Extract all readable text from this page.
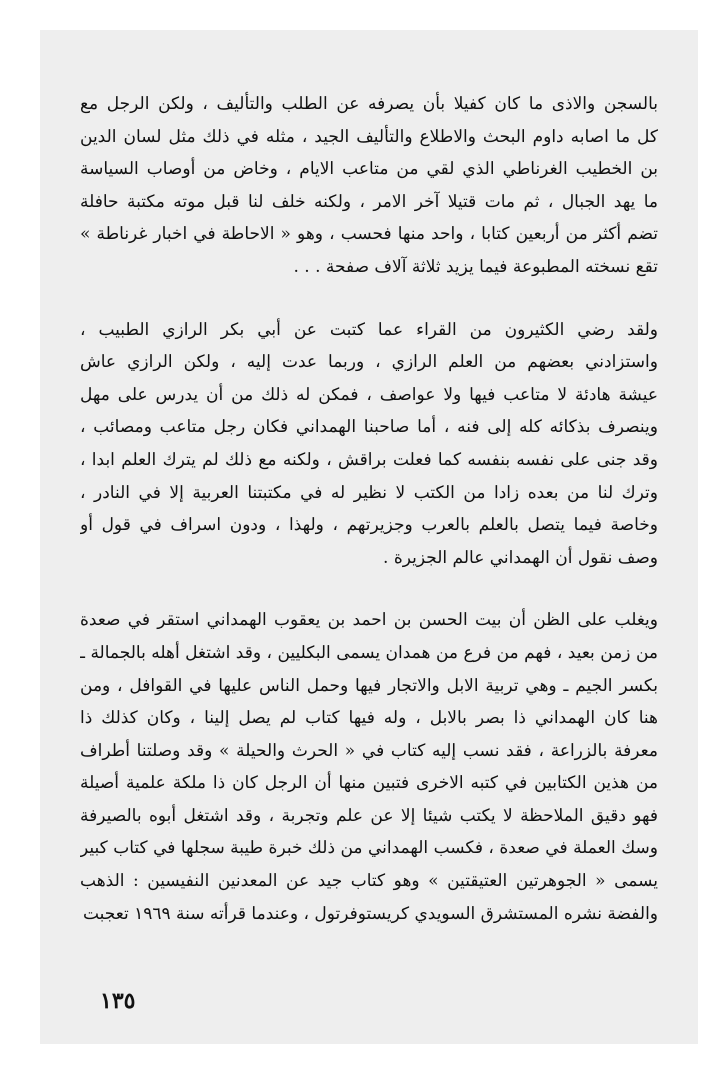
بالسجن والاذى ما كان كفيلا بأن يصرفه عن الطلب والتأليف ، ولكن الرجل مع
كل ما اصابه داوم البحث والاطلاع والتأليف الجيد ، مثله في ذلك مثل لسان الدين
بن الخطيب الغرناطي الذي لقي من متاعب الايام ، وخاض من أوصاب السياسة
ما يهد الجبال ، ثم مات قتيلا آخر الامر ، ولكنه خلف لنا قبل موته مكتبة حافلة
تضم أكثر من أربعين كتابا ، واحد منها فحسب ، وهو « الاحاطة في اخبار غرناطة »
تقع نسخته المطبوعة فيما يزيد ثلاثة آلاف صفحة . . .
ولقد رضي الكثيرون من القراء عما كتبت عن أبي بكر الرازي الطبيب ،
واستزادني بعضهم من العلم الرازي ، وربما عدت إليه ، ولكن الرازي عاش
عيشة هادئة لا متاعب فيها ولا عواصف ، فمكن له ذلك من أن يدرس على مهل
وينصرف بذكائه كله إلى فنه ، أما صاحبنا الهمداني فكان رجل متاعب ومصائب ،
وقد جنى على نفسه بنفسه كما فعلت براقش ، ولكنه مع ذلك لم يترك العلم ابدا ،
وترك لنا من بعده زادا من الكتب لا نظير له في مكتبتنا العربية إلا في النادر ،
وخاصة فيما يتصل بالعلم بالعرب وجزيرتهم ، ولهذا ، ودون اسراف في قول أو
وصف نقول أن الهمداني عالم الجزيرة .
ويغلب على الظن أن بيت الحسن بن احمد بن يعقوب الهمداني استقر في صعدة
من زمن بعيد ، فهم من فرع من همدان يسمى البكليين ، وقد اشتغل أهله بالجمالة ـ
بكسر الجيم ـ وهي تربية الابل والاتجار فيها وحمل الناس عليها في القوافل ، ومن
هنا كان الهمداني ذا بصر بالابل ، وله فيها كتاب لم يصل إلينا ، وكان كذلك ذا
معرفة بالزراعة ، فقد نسب إليه كتاب في « الحرث والحيلة » وقد وصلتنا أطراف
من هذين الكتابين في كتبه الاخرى فتبين منها أن الرجل كان ذا ملكة علمية أصيلة
فهو دقيق الملاحظة لا يكتب شيئا إلا عن علم وتجربة ، وقد اشتغل أبوه بالصيرفة
وسك العملة في صعدة ، فكسب الهمداني من ذلك خبرة طيبة سجلها في كتاب كبير
يسمى « الجوهرتين العتيقتين » وهو كتاب جيد عن المعدنين النفيسين : الذهب
والفضة نشره المستشرق السويدي كريستوفرتول ، وعندما قرأته سنة ١٩٦٩ تعجبت
١٣٥
